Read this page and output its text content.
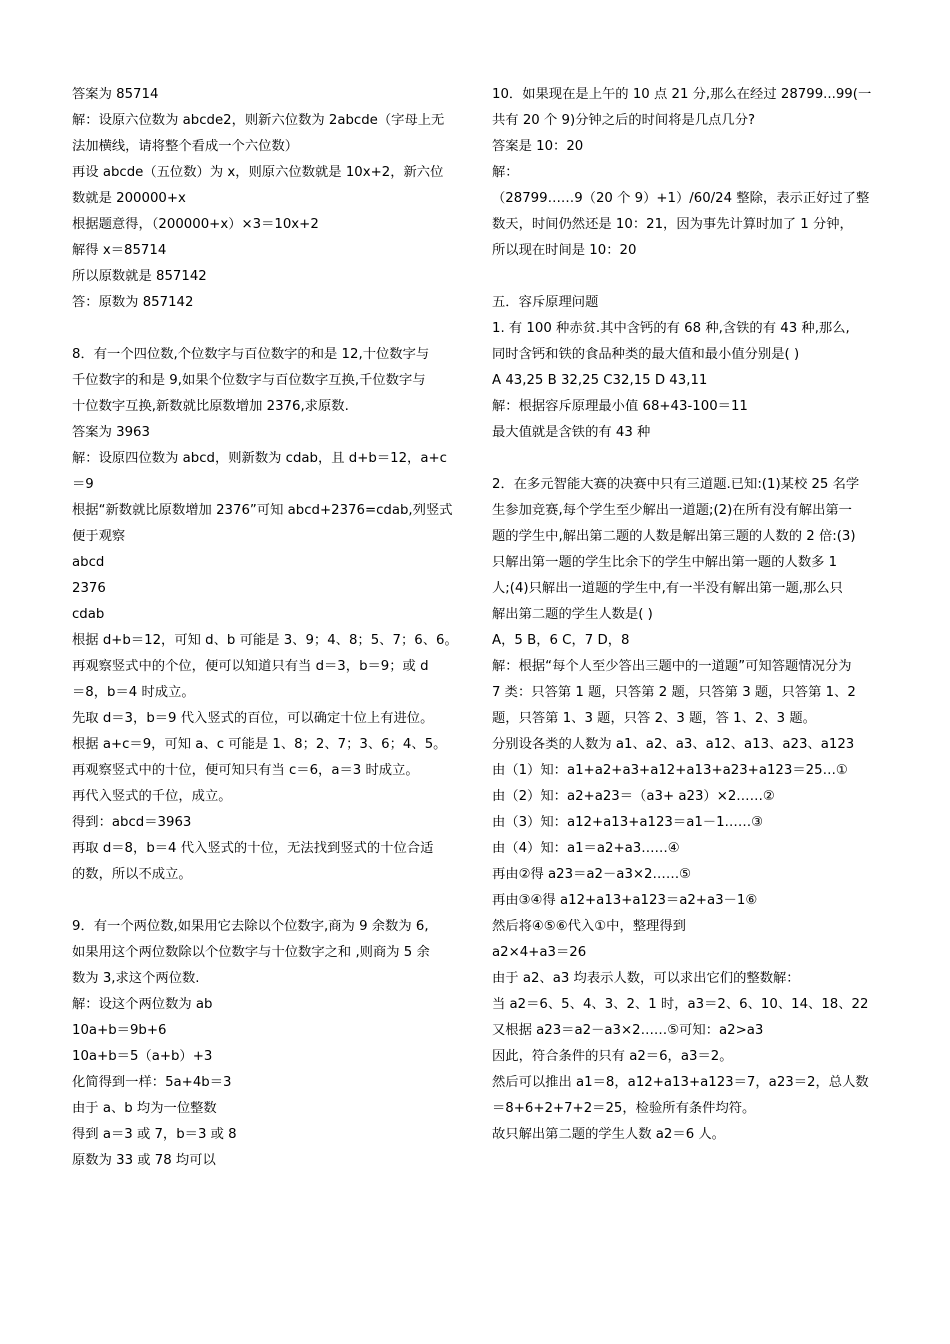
答案为 85714
解：设原六位数为 abcde2，则新六位数为 2abcde（字母上无
法加横线，请将整个看成一个六位数）
再设 abcde（五位数）为 x，则原六位数就是 10x+2，新六位
数就是 200000+x
根据题意得，（200000+x）×3＝10x+2
解得 x＝85714
所以原数就是 857142
答：原数为 857142
8．有一个四位数,个位数字与百位数字的和是 12,十位数字与
千位数字的和是 9,如果个位数字与百位数字互换,千位数字与
十位数字互换,新数就比原数增加 2376,求原数.
答案为 3963
解：设原四位数为 abcd，则新数为 cdab，且 d+b＝12，a+c
＝9
根据“新数就比原数增加 2376”可知 abcd+2376=cdab,列竖式
便于观察
abcd
2376
cdab
根据 d+b＝12，可知 d、b 可能是 3、9；4、8；5、7；6、6。
再观察竖式中的个位，便可以知道只有当 d＝3，b＝9；或 d
＝8，b＝4 时成立。
先取 d＝3，b＝9 代入竖式的百位，可以确定十位上有进位。
根据 a+c＝9，可知 a、c 可能是 1、8；2、7；3、6；4、5。
再观察竖式中的十位，便可知只有当 c＝6，a＝3 时成立。
再代入竖式的千位，成立。
得到：abcd＝3963
再取 d＝8，b＝4 代入竖式的十位，无法找到竖式的十位合适
的数，所以不成立。
9．有一个两位数,如果用它去除以个位数字,商为 9 余数为 6,
如果用这个两位数除以个位数字与十位数字之和 ,则商为 5 余
数为 3,求这个两位数.
解：设这个两位数为 ab
10a+b＝9b+6
10a+b＝5（a+b）+3
化简得到一样：5a+4b＝3
由于 a、b 均为一位整数
得到 a＝3 或 7，b＝3 或 8
原数为 33 或 78 均可以
10．如果现在是上午的 10 点 21 分,那么在经过 28799...99(一
共有 20 个 9)分钟之后的时间将是几点几分?
答案是 10：20
解：
（28799……9（20 个 9）+1）/60/24 整除，表示正好过了整
数天，时间仍然还是 10：21，因为事先计算时加了 1 分钟，
所以现在时间是 10：20
五．容斥原理问题
1. 有 100 种赤贫.其中含钙的有 68 种,含铁的有 43 种,那么,
同时含钙和铁的食品种类的最大值和最小值分别是( )
A 43,25 B 32,25 C32,15 D 43,11
解：根据容斥原理最小值 68+43-100＝11
最大值就是含铁的有 43 种
2．在多元智能大赛的决赛中只有三道题.已知:(1)某校 25 名学
生参加竞赛,每个学生至少解出一道题;(2)在所有没有解出第一
题的学生中,解出第二题的人数是解出第三题的人数的 2 倍:(3)
只解出第一题的学生比余下的学生中解出第一题的人数多 1
人;(4)只解出一道题的学生中,有一半没有解出第一题,那么只
解出第二题的学生人数是( )
A，5 B，6 C，7 D，8
解：根据“每个人至少答出三题中的一道题”可知答题情况分为
7 类：只答第 1 题，只答第 2 题，只答第 3 题，只答第 1、2
题，只答第 1、3 题，只答 2、3 题，答 1、2、3 题。
分别设各类的人数为 a1、a2、a3、a12、a13、a23、a123
由（1）知：a1+a2+a3+a12+a13+a23+a123＝25…①
由（2）知：a2+a23＝（a3+ a23）×2……②
由（3）知：a12+a13+a123＝a1－1……③
由（4）知：a1＝a2+a3……④
再由②得 a23＝a2－a3×2……⑤
再由③④得 a12+a13+a123＝a2+a3－1⑥
然后将④⑤⑥代入①中，整理得到
a2×4+a3＝26
由于 a2、a3 均表示人数，可以求出它们的整数解：
当 a2＝6、5、4、3、2、1 时，a3＝2、6、10、14、18、22
又根据 a23＝a2－a3×2……⑤可知：a2>a3
因此，符合条件的只有 a2＝6，a3＝2。
然后可以推出 a1＝8，a12+a13+a123＝7，a23＝2，总人数
＝8+6+2+7+2＝25，检验所有条件均符。
故只解出第二题的学生人数 a2＝6 人。
